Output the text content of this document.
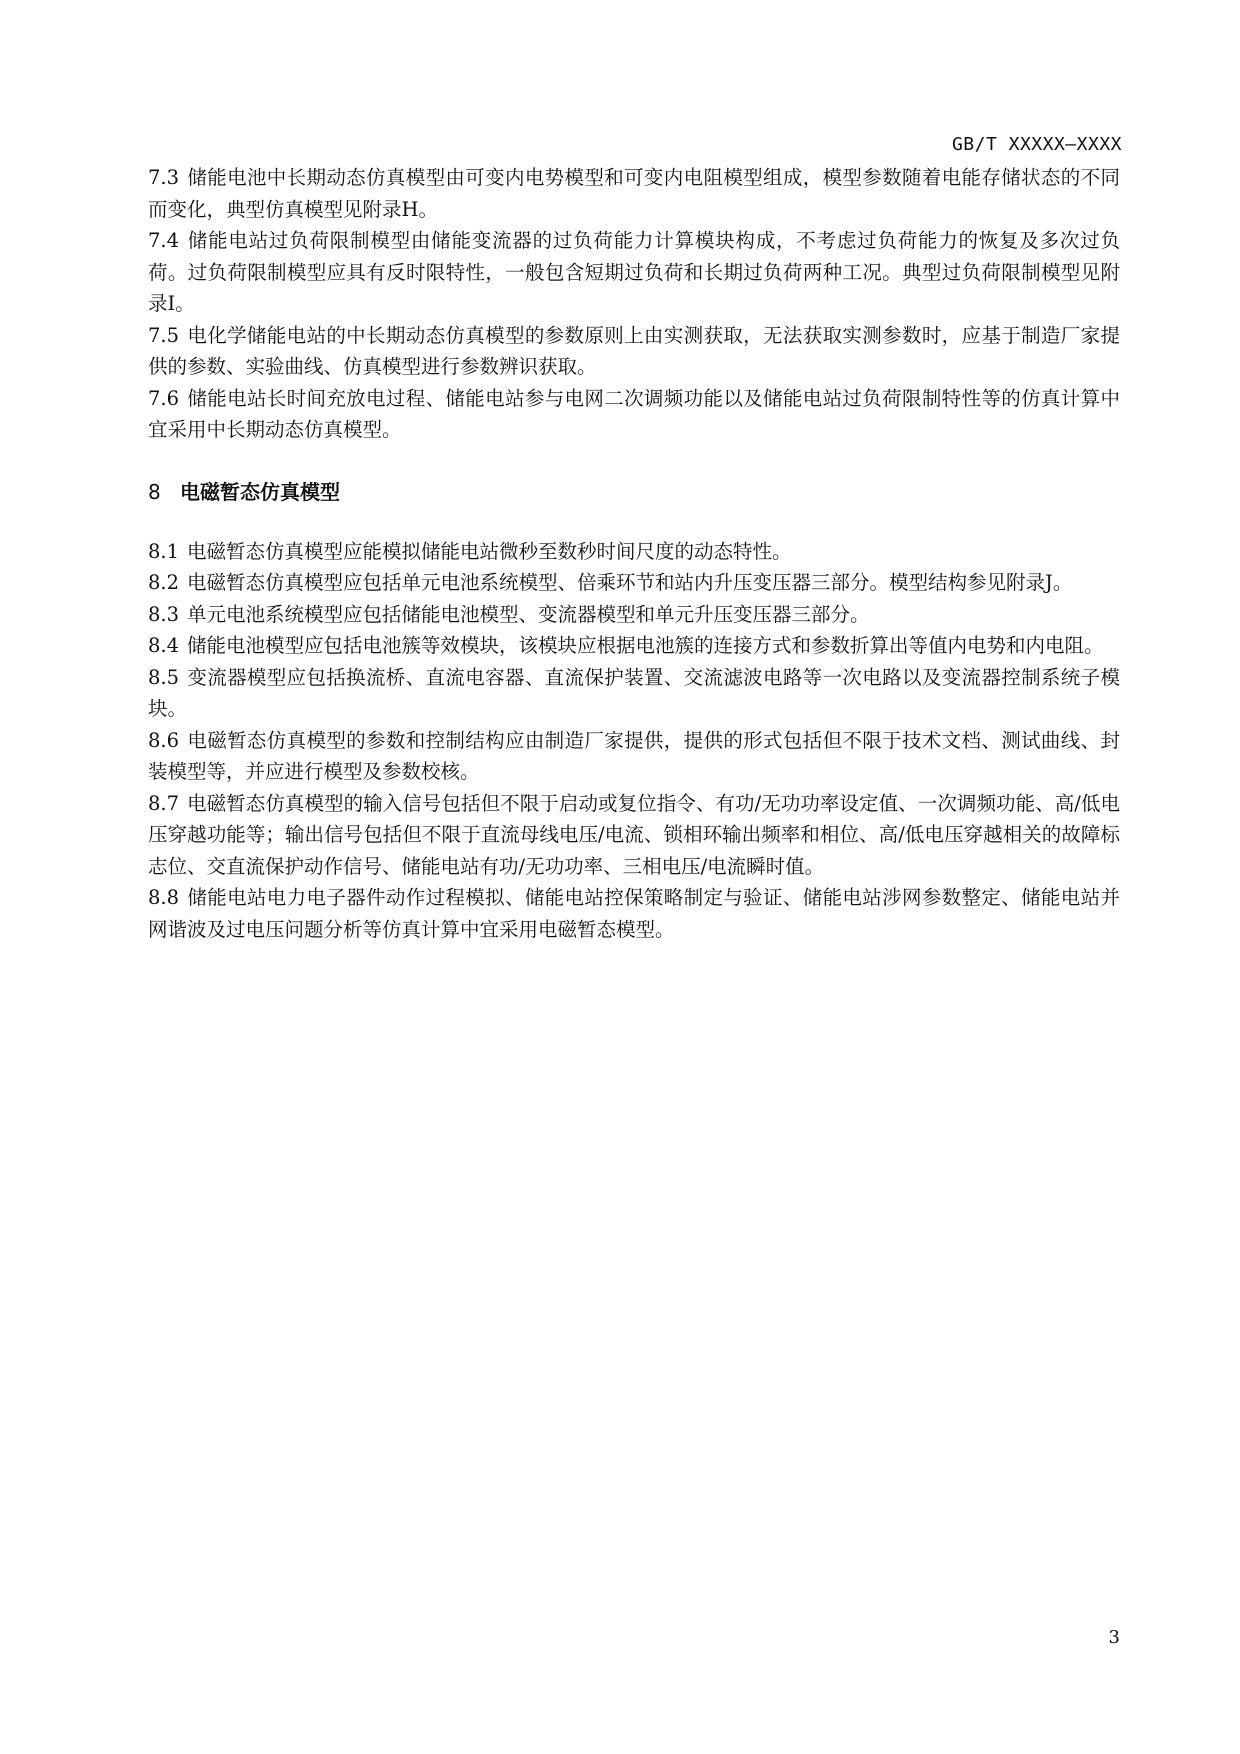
GB/T XXXXX—XXXX

7.3 储能电池中长期动态仿真模型由可变内电势模型和可变内电阻模型组成，模型参数随着电能存储状态的不同而变化，典型仿真模型见附录H。

7.4 储能电站过负荷限制模型由储能变流器的过负荷能力计算模块构成，不考虑过负荷能力的恢复及多次过负荷。过负荷限制模型应具有反时限特性，一般包含短期过负荷和长期过负荷两种工况。典型过负荷限制模型见附录I。

7.5 电化学储能电站的中长期动态仿真模型的参数原则上由实测获取，无法获取实测参数时，应基于制造厂家提供的参数、实验曲线、仿真模型进行参数辨识获取。

7.6 储能电站长时间充放电过程、储能电站参与电网二次调频功能以及储能电站过负荷限制特性等的仿真计算中宜采用中长期动态仿真模型。

8 电磁暂态仿真模型

8.1 电磁暂态仿真模型应能模拟储能电站微秒至数秒时间尺度的动态特性。

8.2 电磁暂态仿真模型应包括单元电池系统模型、倍乘环节和站内升压变压器三部分。模型结构参见附录J。

8.3 单元电池系统模型应包括储能电池模型、变流器模型和单元升压变压器三部分。

8.4 储能电池模型应包括电池簇等效模块，该模块应根据电池簇的连接方式和参数折算出等值内电势和内电阻。

8.5 变流器模型应包括换流桥、直流电容器、直流保护装置、交流滤波电路等一次电路以及变流器控制系统子模块。

8.6 电磁暂态仿真模型的参数和控制结构应由制造厂家提供，提供的形式包括但不限于技术文档、测试曲线、封装模型等，并应进行模型及参数校核。

8.7 电磁暂态仿真模型的输入信号包括但不限于启动或复位指令、有功/无功功率设定值、一次调频功能、高/低电压穿越功能等；输出信号包括但不限于直流母线电压/电流、锁相环输出频率和相位、高/低电压穿越相关的故障标志位、交直流保护动作信号、储能电站有功/无功功率、三相电压/电流瞬时值。

8.8 储能电站电力电子器件动作过程模拟、储能电站控保策略制定与验证、储能电站涉网参数整定、储能电站并网谐波及过电压问题分析等仿真计算中宜采用电磁暂态模型。

3
